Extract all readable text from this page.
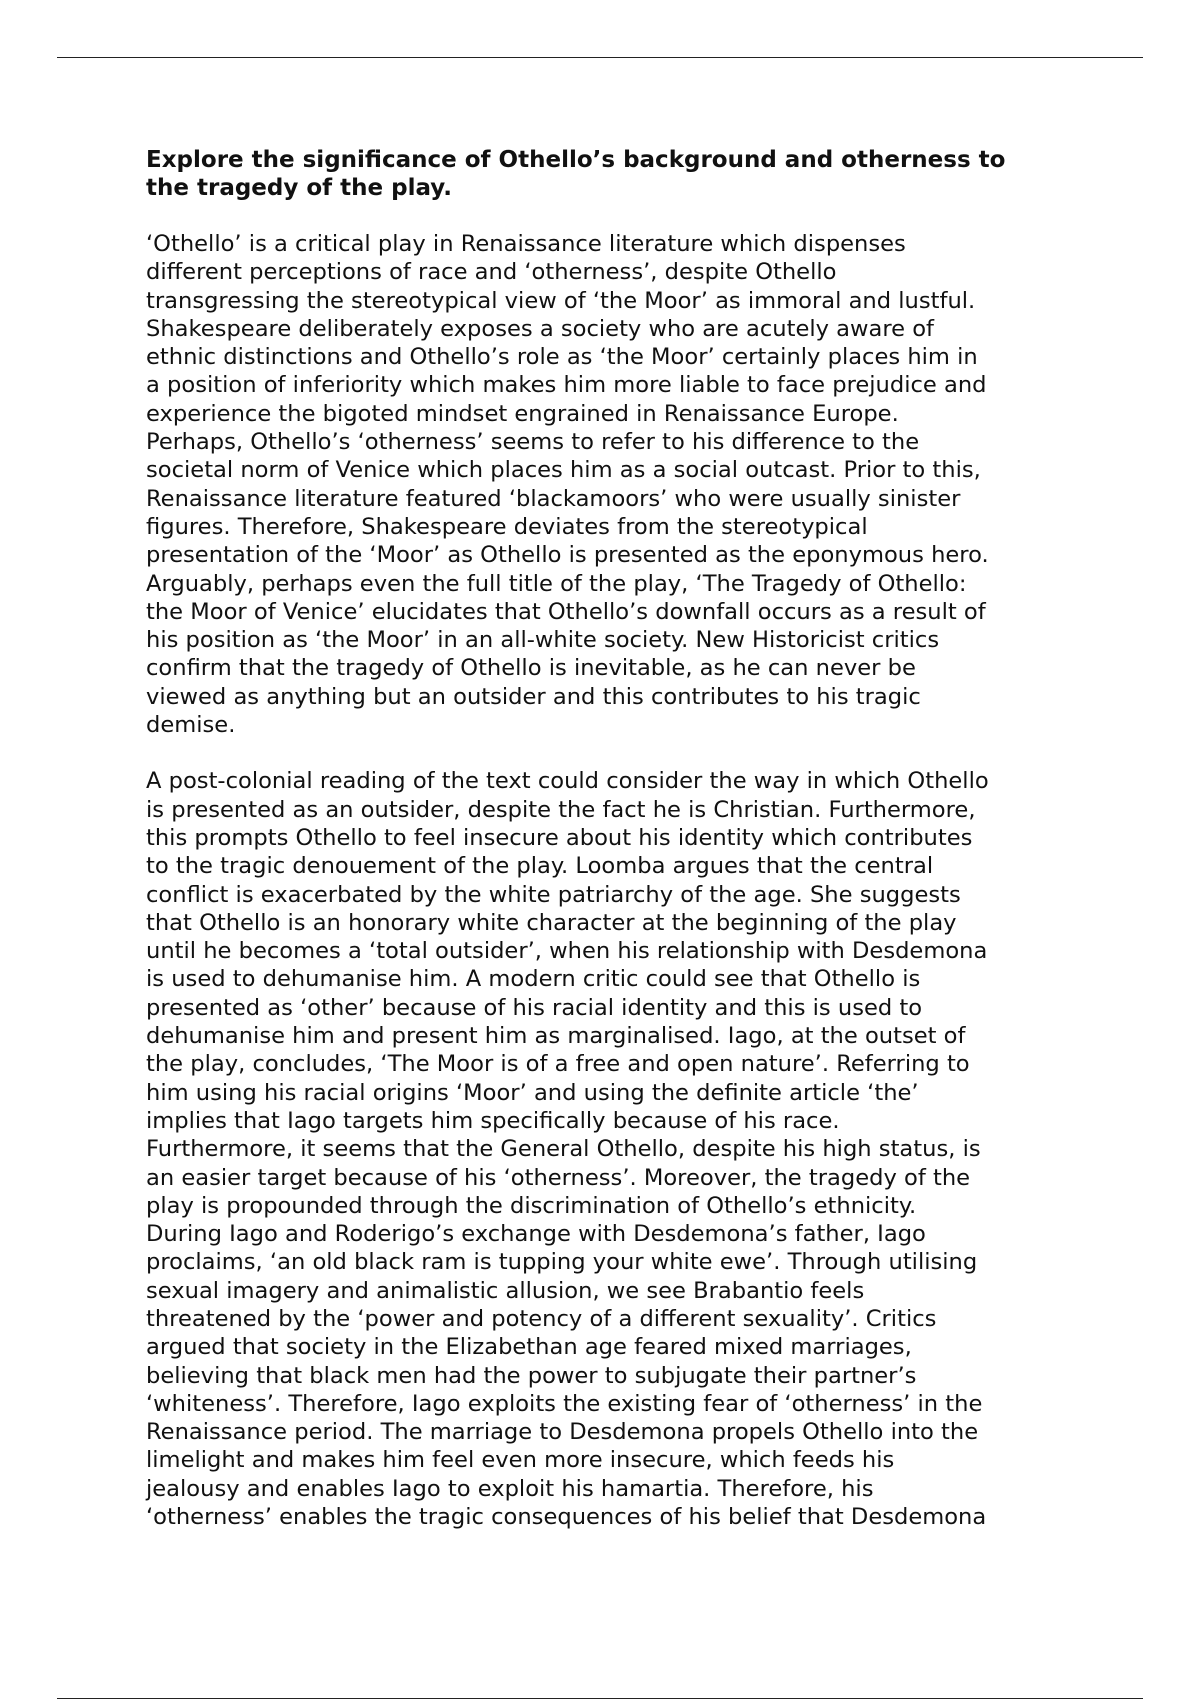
Explore the significance of Othello’s background and otherness to
the tragedy of the play.
‘Othello’ is a critical play in Renaissance literature which dispenses
different perceptions of race and ‘otherness’, despite Othello
transgressing the stereotypical view of ‘the Moor’ as immoral and lustful.
Shakespeare deliberately exposes a society who are acutely aware of
ethnic distinctions and Othello’s role as ‘the Moor’ certainly places him in
a position of inferiority which makes him more liable to face prejudice and
experience the bigoted mindset engrained in Renaissance Europe.
Perhaps, Othello’s ‘otherness’ seems to refer to his difference to the
societal norm of Venice which places him as a social outcast. Prior to this,
Renaissance literature featured ‘blackamoors’ who were usually sinister
figures. Therefore, Shakespeare deviates from the stereotypical
presentation of the ‘Moor’ as Othello is presented as the eponymous hero.
Arguably, perhaps even the full title of the play, ‘The Tragedy of Othello:
the Moor of Venice’ elucidates that Othello’s downfall occurs as a result of
his position as ‘the Moor’ in an all-white society. New Historicist critics
confirm that the tragedy of Othello is inevitable, as he can never be
viewed as anything but an outsider and this contributes to his tragic
demise.
A post-colonial reading of the text could consider the way in which Othello
is presented as an outsider, despite the fact he is Christian. Furthermore,
this prompts Othello to feel insecure about his identity which contributes
to the tragic denouement of the play. Loomba argues that the central
conflict is exacerbated by the white patriarchy of the age. She suggests
that Othello is an honorary white character at the beginning of the play
until he becomes a ‘total outsider’, when his relationship with Desdemona
is used to dehumanise him. A modern critic could see that Othello is
presented as ‘other’ because of his racial identity and this is used to
dehumanise him and present him as marginalised. Iago, at the outset of
the play, concludes, ‘The Moor is of a free and open nature’. Referring to
him using his racial origins ‘Moor’ and using the definite article ‘the’
implies that Iago targets him specifically because of his race.
Furthermore, it seems that the General Othello, despite his high status, is
an easier target because of his ‘otherness’. Moreover, the tragedy of the
play is propounded through the discrimination of Othello’s ethnicity.
During Iago and Roderigo’s exchange with Desdemona’s father, Iago
proclaims, ‘an old black ram is tupping your white ewe’. Through utilising
sexual imagery and animalistic allusion, we see Brabantio feels
threatened by the ‘power and potency of a different sexuality’. Critics
argued that society in the Elizabethan age feared mixed marriages,
believing that black men had the power to subjugate their partner’s
‘whiteness’. Therefore, Iago exploits the existing fear of ‘otherness’ in the
Renaissance period. The marriage to Desdemona propels Othello into the
limelight and makes him feel even more insecure, which feeds his
jealousy and enables Iago to exploit his hamartia. Therefore, his
‘otherness’ enables the tragic consequences of his belief that Desdemona
